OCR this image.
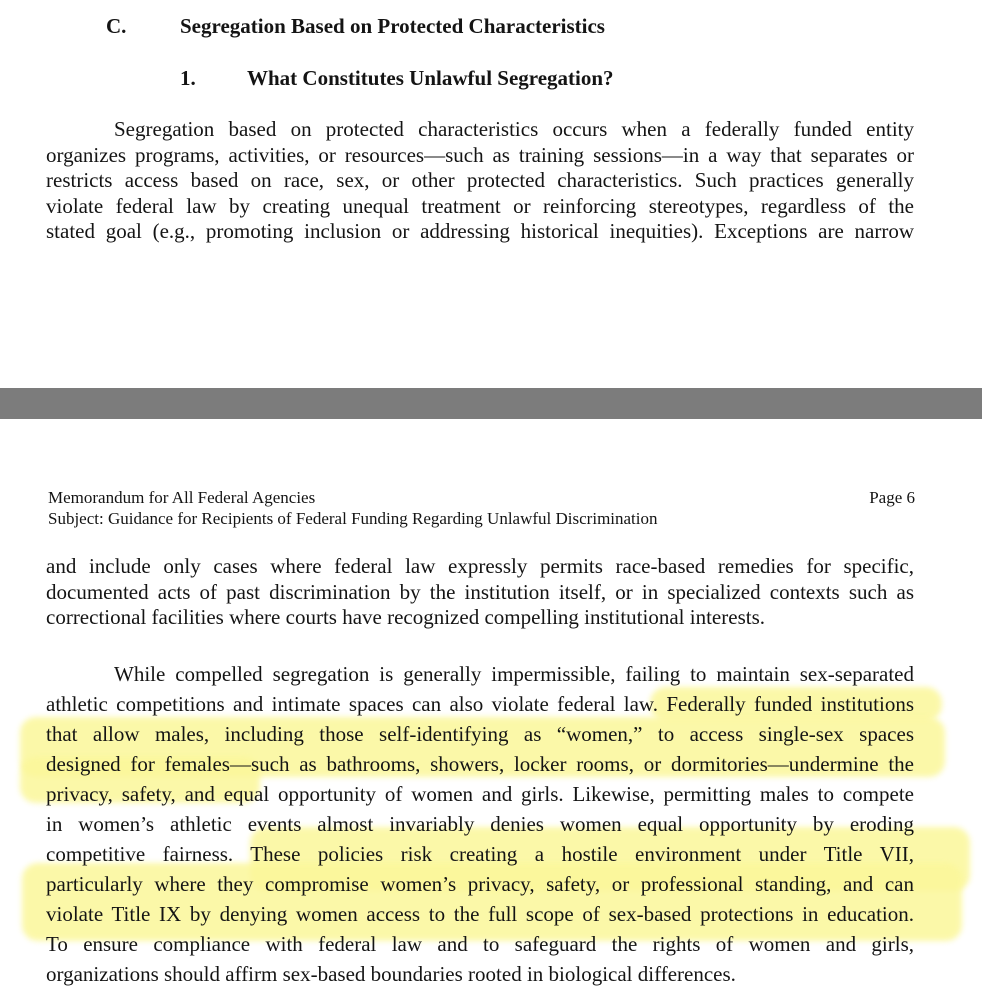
C.	Segregation Based on Protected Characteristics
1. What Constitutes Unlawful Segregation?
Segregation based on protected characteristics occurs when a federally funded entity
organizes programs, activities, or resources—such as training sessions—in a way that separates or
restricts access based on race, sex, or other protected characteristics. Such practices generally
violate federal law by creating unequal treatment or reinforcing stereotypes, regardless of the
stated goal (e.g., promoting inclusion or addressing historical inequities). Exceptions are narrow
Memorandum for All Federal Agencies
Subject: Guidance for Recipients of Federal Funding Regarding Unlawful Discrimination
Page 6
and include only cases where federal law expressly permits race-based remedies for specific,
documented acts of past discrimination by the institution itself, or in specialized contexts such as
correctional facilities where courts have recognized compelling institutional interests.
While compelled segregation is generally impermissible, failing to maintain sex-separated
athletic competitions and intimate spaces can also violate federal law. Federally funded institutions
that allow males, including those self-identifying as “women,” to access single-sex spaces
designed for females—such as bathrooms, showers, locker rooms, or dormitories—undermine the
privacy, safety, and equal opportunity of women and girls. Likewise, permitting males to compete
in women’s athletic events almost invariably denies women equal opportunity by eroding
competitive fairness. These policies risk creating a hostile environment under Title VII,
particularly where they compromise women’s privacy, safety, or professional standing, and can
violate Title IX by denying women access to the full scope of sex-based protections in education.
To ensure compliance with federal law and to safeguard the rights of women and girls,
organizations should affirm sex-based boundaries rooted in biological differences.
